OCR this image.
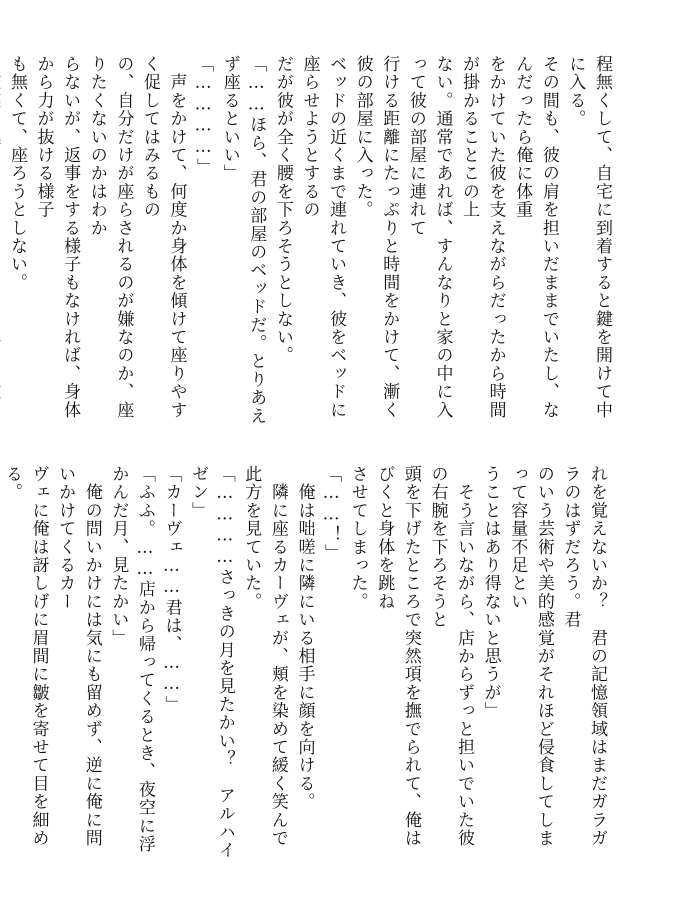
程無くして、自宅に到着すると鍵を開けて中に入る。

その間も、彼の肩を担いだままでいたし、なんだったら俺に体重

をかけていた彼を支えながらだったから時間が掛かることこの上

ない。通常であれば、すんなりと家の中に入って彼の部屋に連れて

行ける距離にたっぷりと時間をかけて、漸く彼の部屋に入った。

ベッドの近くまで連れていき、彼をベッドに座らせようとするの

だが彼が全く腰を下ろそうとしない。

「……ほら、君の部屋のベッドだ。とりあえず座るといい」

「…………」

　声をかけて、何度か身体を傾けて座りやすく促してはみるもの

の、自分だけが座らされるのが嫌なのか、座りたくないのかはわか

らないが、返事をする様子もなければ、身体から力が抜ける様子

も無くて、座ろうとしない。

れを覚えないか？　君の記憶領域はまだガラガラのはずだろう。君

のいう芸術や美的感覚がそれほど侵食してしまって容量不足とい

うことはあり得ないと思うが」

　そう言いながら、店からずっと担いでいた彼の右腕を下ろそうと

頭を下げたところで突然項を撫でられて、俺はびくと身体を跳ね

させてしまった。

「……！」

　俺は咄嗟に隣にいる相手に顔を向ける。

　隣に座るカーヴェが、頬を染めて緩く笑んで此方を見ていた。

「…………さっきの月を見たかい？　アルハイゼン」

「カーヴェ……君は、……」

「ふふ。……店から帰ってくるとき、夜空に浮かんだ月、見たかい」

　俺の問いかけには気にも留めず、逆に俺に問いかけてくるカー

ヴェに俺は訝しげに眉間に皺を寄せて目を細める。
